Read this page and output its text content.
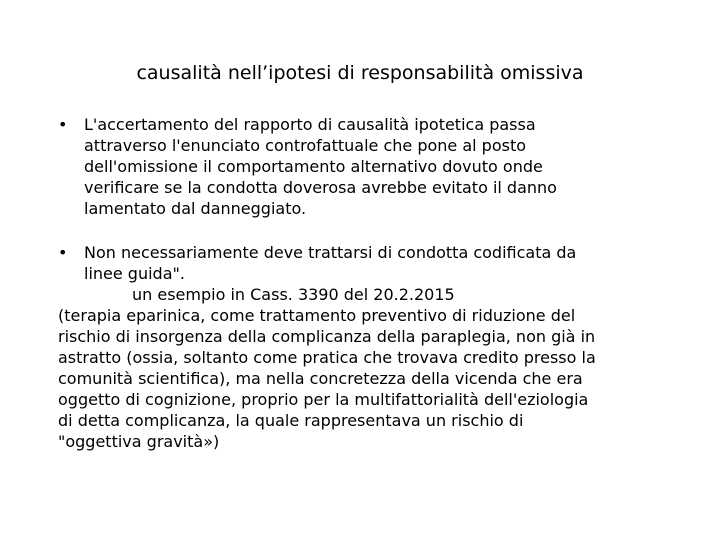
causalità nell’ipotesi di responsabilità omissiva
• L'accertamento del rapporto di causalità ipotetica passa
attraverso l'enunciato controfattuale che pone al posto
dell'omissione il comportamento alternativo dovuto onde
verificare se la condotta doverosa avrebbe evitato il danno
lamentato dal danneggiato.
• Non necessariamente deve trattarsi di condotta codificata da
linee guida".
un esempio in Cass. 3390 del 20.2.2015
(terapia eparinica, come trattamento preventivo di riduzione del
rischio di insorgenza della complicanza della paraplegia, non già in
astratto (ossia, soltanto come pratica che trovava credito presso la
comunità scientifica), ma nella concretezza della vicenda che era
oggetto di cognizione, proprio per la multifattorialità dell'eziologia
di detta complicanza, la quale rappresentava un rischio di
"oggettiva gravità»)
